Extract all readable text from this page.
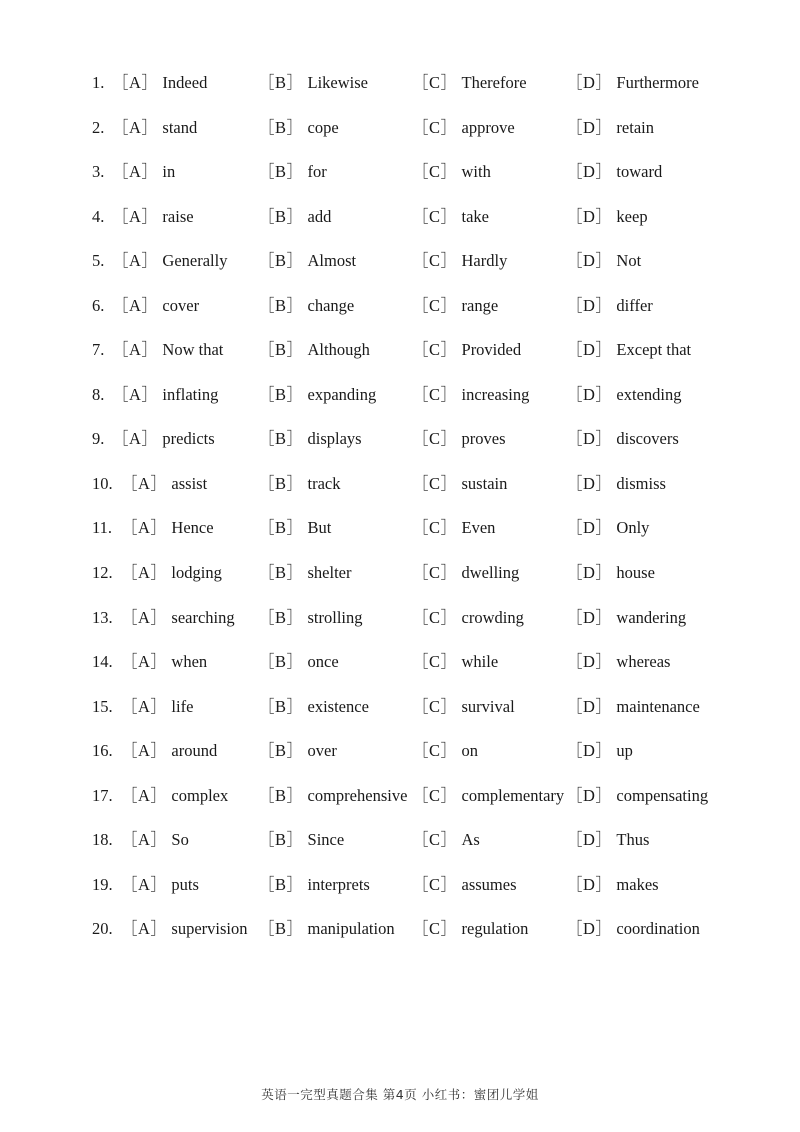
1. ［A］ Indeed	［B］ Likewise	［C］ Therefore ［D］ Furthermore
2. ［A］ stand	［B］ cope	［C］ approve	［D］ retain
3. ［A］ in	［B］ for	［C］ with	［D］ toward
4. ［A］ raise	［B］ add	［C］ take	［D］ keep
5. ［A］ Generally ［B］ Almost	［C］ Hardly	［D］ Not
6. ［A］ cover	［B］ change	［C］ range	［D］ differ
7. ［A］ Now that ［B］ Although	［C］ Provided	［D］ Except that
8. ［A］ inflating ［B］ expanding ［C］ increasing ［D］ extending
9. ［A］ predicts	［B］ displays	［C］ proves	［D］ discovers
10. ［A］ assist	［B］ track	［C］ sustain	［D］ dismiss
11. ［A］ Hence	［B］ But	［C］ Even	［D］ Only
12. ［A］ lodging ［B］ shelter	［C］ dwelling	［D］ house
13. ［A］ searching ［B］ strolling	［C］ crowding	［D］ wandering
14. ［A］ when	［B］ once	［C］ while	［D］ whereas
15. ［A］ life	［B］ existence	［C］ survival	［D］ maintenance
16. ［A］ around ［B］ over	［C］ on	［D］ up
17. ［A］ complex ［B］ comprehensive ［C］ complementary ［D］ compensating
18. ［A］ So	［B］ Since	［C］ As	［D］ Thus
19. ［A］ puts	［B］ interprets	［C］ assumes	［D］ makes
20. ［A］ supervision ［B］ manipulation ［C］ regulation ［D］ coordination
英语一完型真题合集 第4页 小红书：蜜团儿学姐
